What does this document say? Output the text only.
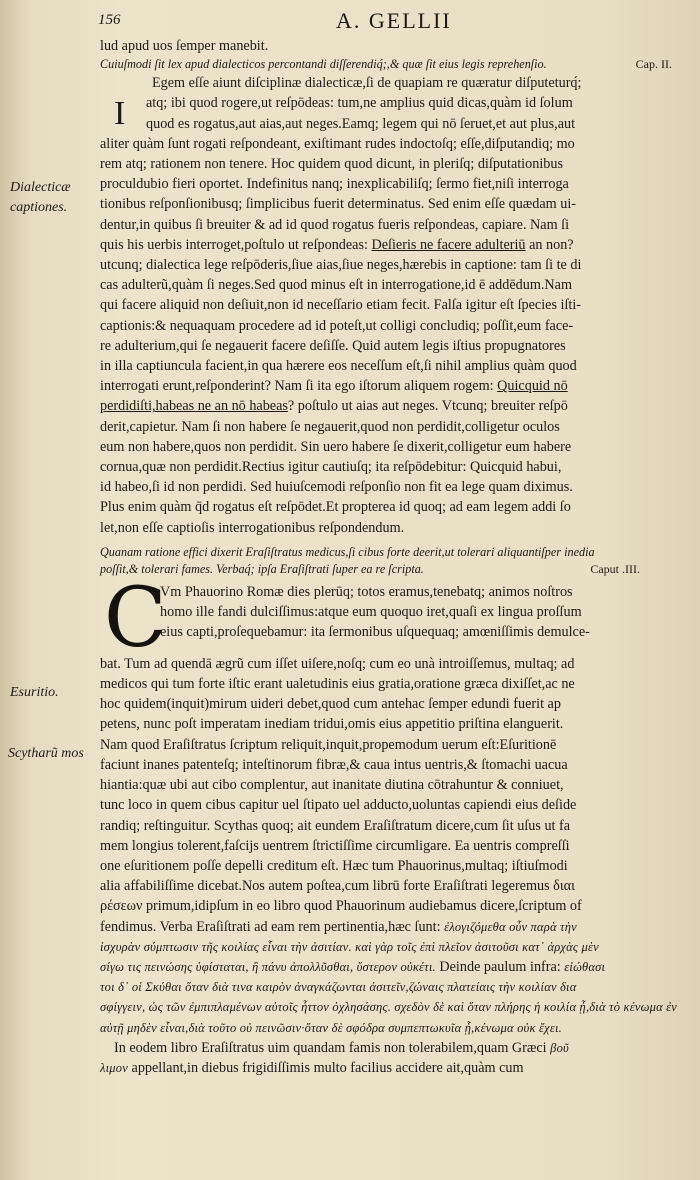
156	A. GELLII
Dialecticæ
captiones.
Esuritio.
Scytharũ mos

lud apud uos ſemper manebit.

Cap. II.
Cuiuſmodi ſit lex apud dialecticos percontandi diſſerendiq́;,& quæ ſit eius legis reprehenſio.

Egem eſſe aiunt diſciplinæ dialecticæ,ſi de quapiam re quæratur diſputeturq́;

I	atq; ibi quod rogere,ut reſpōdeas: tum,ne amplius quid dicas,quàm id ſolum

quod es rogatus,aut aias,aut neges.Eamq; legem qui nō ſeruet,et aut plus,aut

aliter quàm ſunt rogati reſpondeant, exiſtimant rudes indoctoſq; eſſe,diſputandiq; mo

rem atq; rationem non tenere. Hoc quidem quod dicunt, in pleriſq; diſputationibus

proculdubio fieri oportet. Indefinitus nanq; inexplicabiliſq; ſermo fiet,niſi interroga

tionibus reſponſionibusq; ſimplicibus fuerit determinatus. Sed enim eſſe quædam ui-

dentur,in quibus ſi breuiter & ad id quod rogatus fueris reſpondeas, capiare. Nam ſi

quis his uerbis interroget,poſtulo ut reſpondeas: Deſieris ne facere adulteriū an non?

utcunq; dialectica lege reſpōderis,ſiue aias,ſiue neges,hærebis in captione: tam ſi te di

cas adulterũ,quàm ſi neges.Sed quod minus eſt in interrogatione,id ē addēdum.Nam

qui facere aliquid non deſiuit,non id neceſſario etiam fecit. Falſa igitur eſt ſpecies iſti-

captionis:& nequaquam procedere ad id poteſt,ut colligi concludiq; poſſit,eum face-

re adulterium,qui ſe negauerit facere deſiſſe. Quid autem legis iſtius propugnatores

in illa captiuncula facient,in qua hærere eos neceſſum eſt,ſi nihil amplius quàm quod

interrogati erunt,reſponderint? Nam ſi ita ego iſtorum aliquem rogem: Quicquid nō

perdidiſti,habeas ne an nō habeas? poſtulo ut aias aut neges. Vtcunq; breuiter reſpō

derit,capietur. Nam ſi non habere ſe negauerit,quod non perdidit,colligetur oculos

eum non habere,quos non perdidit. Sin uero habere ſe dixerit,colligetur eum habere

cornua,quæ non perdidit.Rectius igitur cautiuſq; ita reſpōdebitur: Quicquid habui,

id habeo,ſi id non perdidi. Sed huiuſcemodi reſponſio non fit ea lege quam diximus.

Plus enim quàm q̄d rogatus eſt reſpōdet.Et propterea id quoq; ad eam legem addi ſo

let,non eſſe captioſis interrogationibus reſpondendum.

Quanam ratione effici dixerit Eraſiſtratus medicus,ſi cibus forte deerit,ut tolerari aliquantiſper inedia

Caput .III.
poſſit,& tolerari fames. Verbaq́; ipſa Eraſiſtrati ſuper ea re ſcripta.

C

Vm Phauorino Romæ dies plerūq; totos eramus,tenebatq; animos noſtros

homo ille fandi dulciſſimus:atque eum quoquo iret,quaſi ex lingua proſſum

eius capti,proſequebamur: ita ſermonibus uſquequaq; amœniſſimis demulce-

bat. Tum ad quendā ægrũ cum iſſet uiſere,noſq; cum eo unà introiſſemus, multaq; ad

medicos qui tum forte iſtic erant ualetudinis eius gratia,oratione græca dixiſſet,ac ne

hoc quidem(inquit)mirum uideri debet,quod cum antehac ſemper edundi fuerit ap

petens, nunc poſt imperatam inediam tridui,omis eius appetitio priſtina elanguerit.

Nam quod Eraſiſtratus ſcriptum reliquit,inquit,propemodum uerum eſt:Eſuritionē

faciunt inanes patenteſq; inteſtinorum fibræ,& caua intus uentris,& ſtomachi uacua

hiantia:quæ ubi aut cibo complentur, aut inanitate diutina cōtrahuntur & conniuet,

tunc loco in quem cibus capitur uel ſtipato uel adducto,uoluntas capiendi eius deſide

randiq; reſtinguitur. Scythas quoq; ait eundem Eraſiſtratum dicere,cum ſit uſus ut fa

mem longius tolerent,faſcijs uentrem ſtrictiſſime circumligare. Ea uentris compreſſi

one eſuritionem poſſe depelli creditum eſt. Hæc tum Phauorinus,multaq; iſtiuſmodi

alia affabiliſſime dicebat.Nos autem poſtea,cum librū forte Eraſiſtrati legeremus διαι

ρέσεων primum,idipſum in eo libro quod Phauorinum audiebamus dicere,ſcriptum of

fendimus. Verba Eraſiſtrati ad eam rem pertinentia,hæc ſunt: ἐλογιζόμεθα οὖν παρὰ τὴν

ἰσχυρὰν σύμπτωσιν τῆς κοιλίας εἶναι τὴν ἀσιτίαν. καὶ γὰρ τοῖς ἐπὶ πλεῖον ἀσιτοῦσι κατ᾽ ἀρχὰς μὲν

σίγω τις πεινώσης ὑφίσταται, ἢ πάνυ ἀπολλῦσθαι, ὕστερον οὐκέτι. Deinde paulum infra: εἰώθασι

τοι δ᾽ οἱ Σκύθαι ὅταν διὰ τινα καιρὸν ἀναγκάζωνται ἀσιτεῖν,ζώναις πλατείαις τὴν κοιλίαν δια

σφίγγειν, ὡς τῶν ἐμπιπλαμένων αὐτοῖς ἧττον ὀχλησάσης. σχεδὸν δὲ καὶ ὅταν πλήρης ἡ κοιλία ᾖ,διὰ τὸ κένωμα ἐν

αὐτῇ μηδὲν εἶναι,διὰ τοῦτο οὐ πεινῶσιν·ὅταν δὲ σφόδρα συμπεπτωκυῖα ᾖ,κένωμα οὐκ ἔχει.

In eodem libro Eraſiſtratus uim quandam famis non tolerabilem,quam Græci βοῦ

λιμον appellant,in diebus frigidiſſimis multo facilius accidere ait,quàm cum
